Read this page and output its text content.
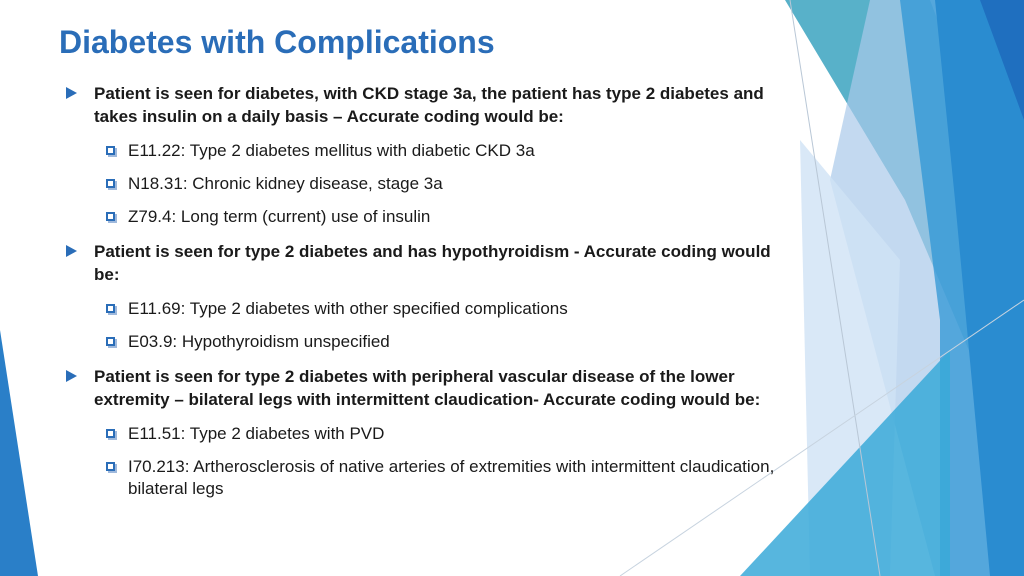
Diabetes with Complications
Patient is seen for diabetes, with CKD stage 3a, the patient has type 2 diabetes and takes insulin on a daily basis – Accurate coding would be:
E11.22: Type 2 diabetes mellitus with diabetic CKD 3a
N18.31: Chronic kidney disease, stage 3a
Z79.4: Long term (current) use of insulin
Patient is seen for type 2 diabetes and has hypothyroidism - Accurate coding would be:
E11.69: Type 2 diabetes with other specified complications
E03.9: Hypothyroidism unspecified
Patient is seen for type 2 diabetes with peripheral vascular disease of the lower extremity – bilateral legs with intermittent claudication- Accurate coding would be:
E11.51: Type 2 diabetes with PVD
I70.213: Artherosclerosis of native arteries of extremities with intermittent claudication, bilateral legs
